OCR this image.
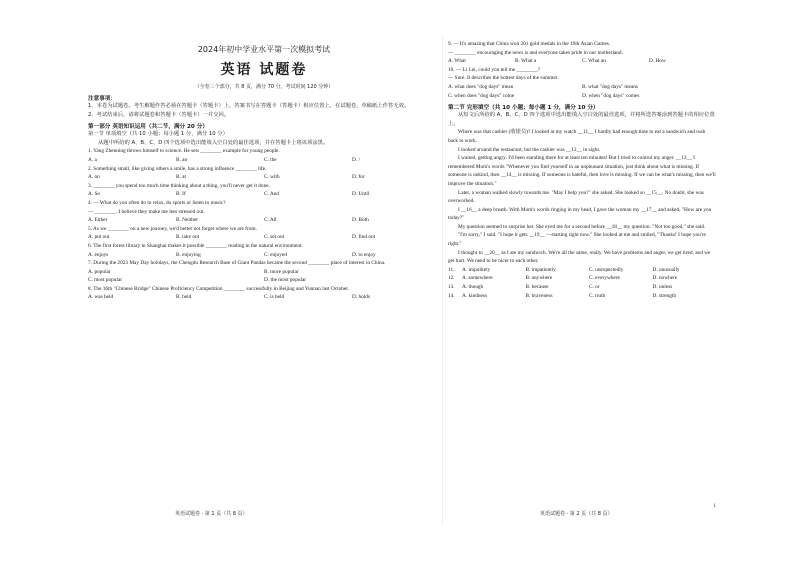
2024年初中学业水平第一次模拟考试
英语 试题卷
（全卷三个部分，共 8 页，满分 70 分，考试时间 120 分钟）
注意事项：
1．本卷为试题卷。考生解题作答必须在答题卡（答题卡）上，答案书写在答题卡（答题卡）相应位置上，在试题卷、草稿纸上作答无效。
2．考试结束后，请将试题卷和答题卡（答题卡）一并交回。
第一部分 英语知识运用（共二节，满分 20 分）
第一节 单项填空（共 10 小题；每小题 1 分，满分 10 分）
从题中所给的 A、B、C、D 四个选项中选出能填入空白处的最佳选项，并在答题卡上将该项涂黑。
1. Yang Zhenning throws himself to science. He sets ________ example for young people.
A. a	B. an	C. the	D. /
2. Something small, like giving others a smile, has a strong influence ________ life.
A. on	B. at	C. with	D. for
3. ________ you spend too much time thinking about a thing, you'll never get it done.
A. So	B. If	C. And	D. Until
4. — What do you often do to relax, do sports or listen to music?
— ________. I believe they make me less stressed out.
A. Either	B. Neither	C. All	D. Both
5. As we ________ on a new journey, we'd better not forget where we are from.
A. put out	B. take out	C. set out	D. find out
6. The first forest library in Shanghai makes it possible ________ reading in the natural environment.
A. enjoys	B. enjoying	C. enjoyed	D. to enjoy
7. During the 2023 May Day holidays, the Chengdu Research Base of Giant Pandas became the second ________ place of interest in China.
A. popular	B. more popular
C. most popular	D. the most popular
8. The 16th "Chinese Bridge" Chinese Proficiency Competition ________ successfully in Beijing and Yunnan last October.
A. was held	B. held	C. is held	D. holds
9. — It's amazing that China won 201 gold medals in the 19th Asian Games.
— ________ encouraging the news is and everyone takes pride in our motherland.
A. What	B. What a	C. What an	D. How
10. — Li Lei, could you tell me ________?
— Sure. It describes the hottest days of the summer.
A. what does "dog days" mean	B. what "dog days" means
C. when does "dog days" come	D. when "dog days" comes
第二节 完形填空（共 10 小题；每小题 1 分，满分 10 分）
从短文后所给的 A、B、C、D 四个选项中选出能填入空白处的最佳选项，并将所选答案涂到答题卡的相应位置上。
Where was that cashier (收银员)? I looked at my watch __11__ I hardly had enough time to eat a sandwich and rush back to work.
I looked around the restaurant, but the cashier was __12__ in sight.
I waited, getting angry. I'd been standing there for at least ten minutes! But I tried to control my anger. __13__ I remembered Mom's words "Whenever you find yourself in an unpleasant situation, just think about what is missing. If someone is unkind, then __14__ is missing. If someone is hateful, then love is missing. If we can be what's missing, then we'll improve the situation."
Later, a woman walked slowly towards me. "May I help you?" she asked. She looked so __15__. No doubt, she was overworked.
I __16__ a deep breath. With Mom's words ringing in my head, I gave the woman my __17__ and asked, "How are you today?"
My question seemed to surprise her. She eyed me for a second before __18__ my question. "Not too good," she said.
"I'm sorry," I said. "I hope it gets __19__ —starting right now." She looked at me and smiled, "Thanks! I hope you're right."
I thought to __20__ as I ate my sandwich. We're all the same, really. We have problems and anger, we get tired, and we get hurt. We need to be nicer to each other.
11.	A. impolitely	B. impatiently	C. unexpectedly	D. unusually
12.	A. somewhere	B. anywhere	C. everywhere	D. nowhere
13.	A. though	B. because	C. or	D. unless
14.	A. kindness	B. braveness	C. truth	D. strength
英语试题卷 · 第 1 页（共 8 页）	英语试题卷 · 第 2 页（共 8 页）
1
